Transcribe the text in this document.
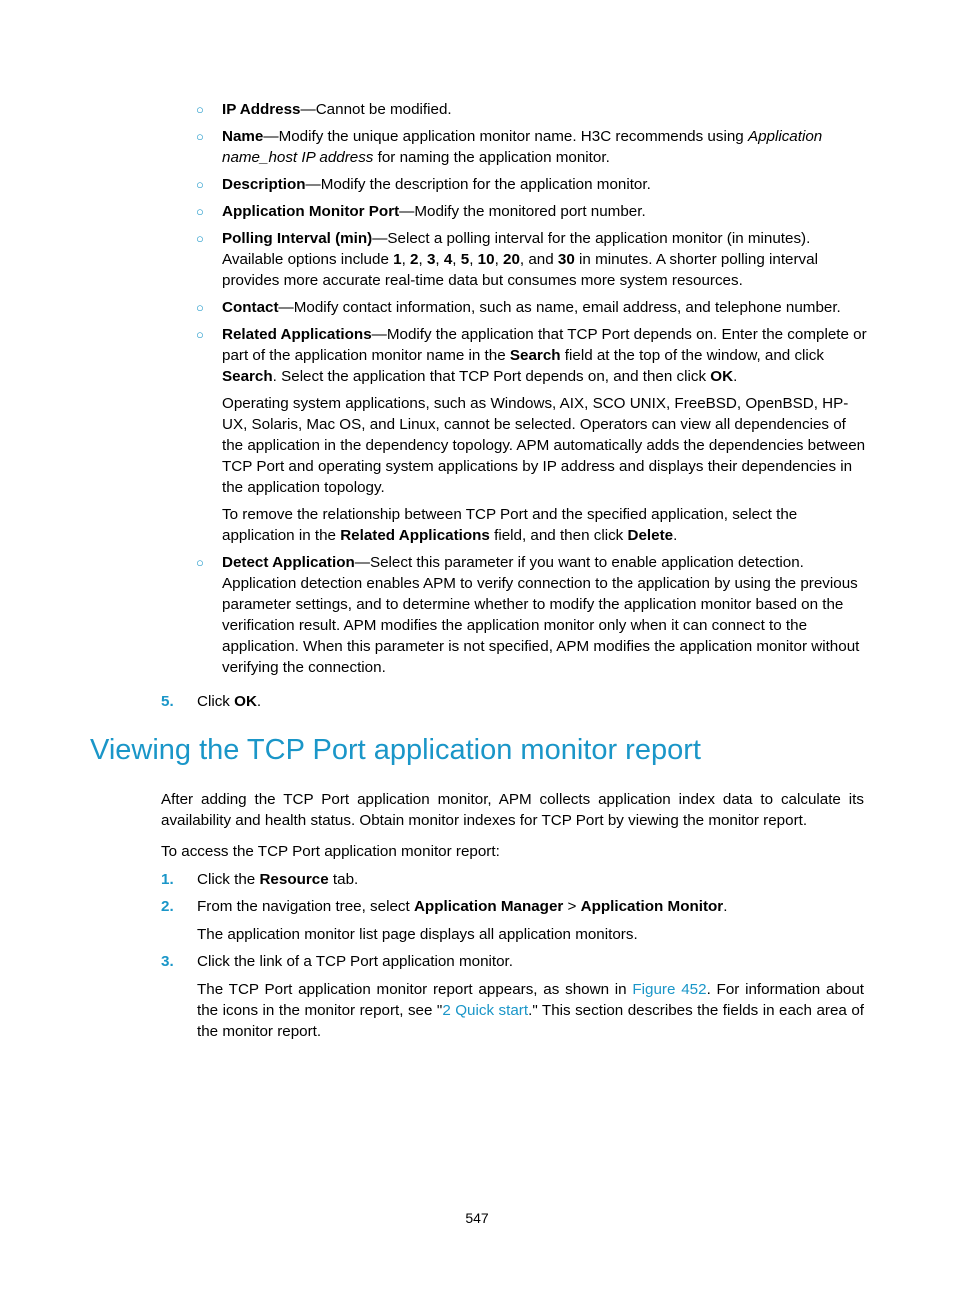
○ IP Address—Cannot be modified.

○ Name—Modify the unique application monitor name. H3C recommends using Application name_host IP address for naming the application monitor.

○ Description—Modify the description for the application monitor.

○ Application Monitor Port—Modify the monitored port number.

○ Polling Interval (min)—Select a polling interval for the application monitor (in minutes). Available options include 1, 2, 3, 4, 5, 10, 20, and 30 in minutes. A shorter polling interval provides more accurate real-time data but consumes more system resources.

○ Contact—Modify contact information, such as name, email address, and telephone number.

○ Related Applications—Modify the application that TCP Port depends on. Enter the complete or part of the application monitor name in the Search field at the top of the window, and click Search. Select the application that TCP Port depends on, and then click OK.

Operating system applications, such as Windows, AIX, SCO UNIX, FreeBSD, OpenBSD, HP-UX, Solaris, Mac OS, and Linux, cannot be selected. Operators can view all dependencies of the application in the dependency topology. APM automatically adds the dependencies between TCP Port and operating system applications by IP address and displays their dependencies in the application topology.

To remove the relationship between TCP Port and the specified application, select the application in the Related Applications field, and then click Delete.

○ Detect Application—Select this parameter if you want to enable application detection. Application detection enables APM to verify connection to the application by using the previous parameter settings, and to determine whether to modify the application monitor based on the verification result. APM modifies the application monitor only when it can connect to the application. When this parameter is not specified, APM modifies the application monitor without verifying the connection.

5.	Click OK.
Viewing the TCP Port application monitor report

After adding the TCP Port application monitor, APM collects application index data to calculate its availability and health status. Obtain monitor indexes for TCP Port by viewing the monitor report.

To access the TCP Port application monitor report:

1.	Click the Resource tab.
2.	From the navigation tree, select Application Manager > Application Monitor.

The application monitor list page displays all application monitors.

3.	Click the link of a TCP Port application monitor.

The TCP Port application monitor report appears, as shown in Figure 452. For information about the icons in the monitor report, see "2 Quick start." This section describes the fields in each area of the monitor report.

547
